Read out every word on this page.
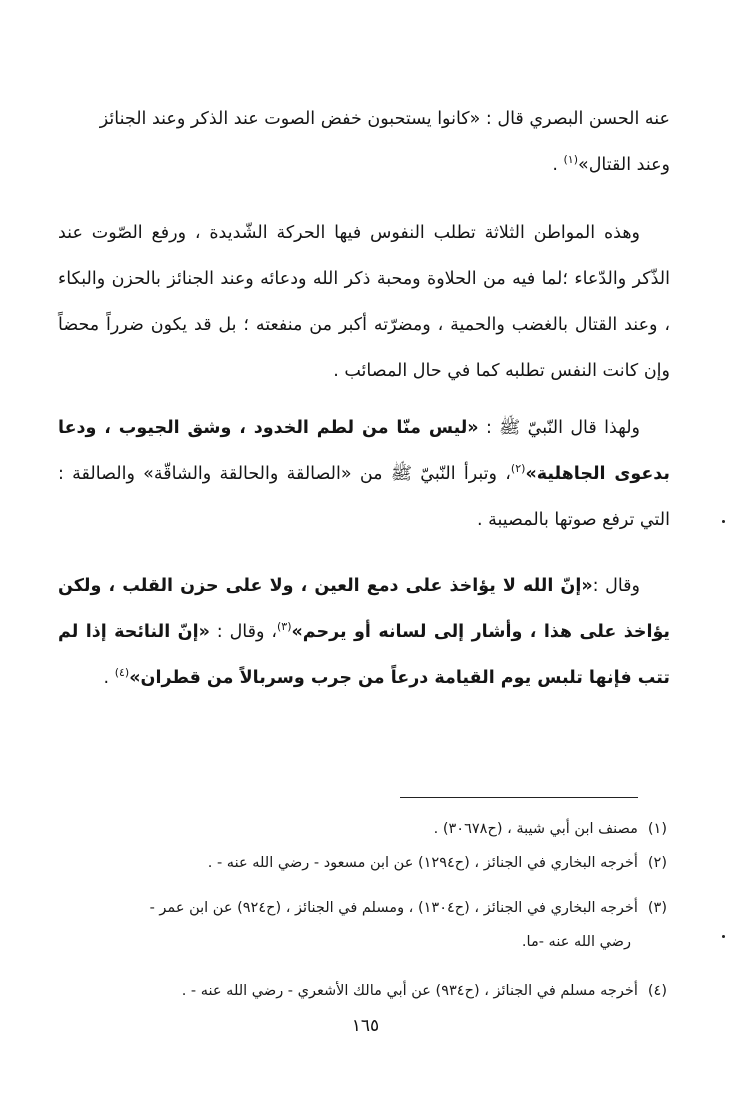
عنه الحسن البصري قال : «كانوا يستحبون خفض الصوت عند الذكر وعند الجنائز
وعند القتال»$^{(١)}$ .
وهذه المواطن الثلاثة تطلب النفوس فيها الحركة الشّديدة ، ورفع الصّوت عند الذّكر والدّعاء ؛لما فيه من الحلاوة ومحبة ذكر الله ودعائه وعند الجنائز بالحزن والبكاء ، وعند القتال بالغضب والحمية ، ومضرّته أكبر من منفعته ؛ بل قد يكون ضرراً محضاً وإن كانت النفس تطلبه كما في حال المصائب .
ولهذا قال النّبيّ ﷺ : «ليس منّا من لطم الخدود ، وشق الجيوب ، ودعا بدعوى الجاهلية»$^{(٢)}$، وتبرأ النّبيّ ﷺ من «الصالقة والحالقة والشاقّة» والصالقة : التي ترفع صوتها بالمصيبة .
وقال :«إنّ الله لا يؤاخذ على دمع العين ، ولا على حزن القلب ، ولكن يؤاخذ على هذا ، وأشار إلى لسانه أو يرحم»$^{(٣)}$، وقال : «إنّ النائحة إذا لم تتب فإنها تلبس يوم القيامة درعاً من جرب وسربالاً من قطران»$^{(٤)}$ .
(١)مصنف ابن أبي شيبة ، (ح٣٠٦٧٨) .
(٢)أخرجه البخاري في الجنائز ، (ح١٢٩٤) عن ابن مسعود - رضي الله عنه - .
(٣)أخرجه البخاري في الجنائز ، (ح١٣٠٤) ، ومسلم في الجنائز ، (ح٩٢٤) عن ابن عمر -
رضي الله عنه -ما.
(٤)أخرجه مسلم في الجنائز ، (ح٩٣٤) عن أبي مالك الأشعري - رضي الله عنه - .
١٦٥
